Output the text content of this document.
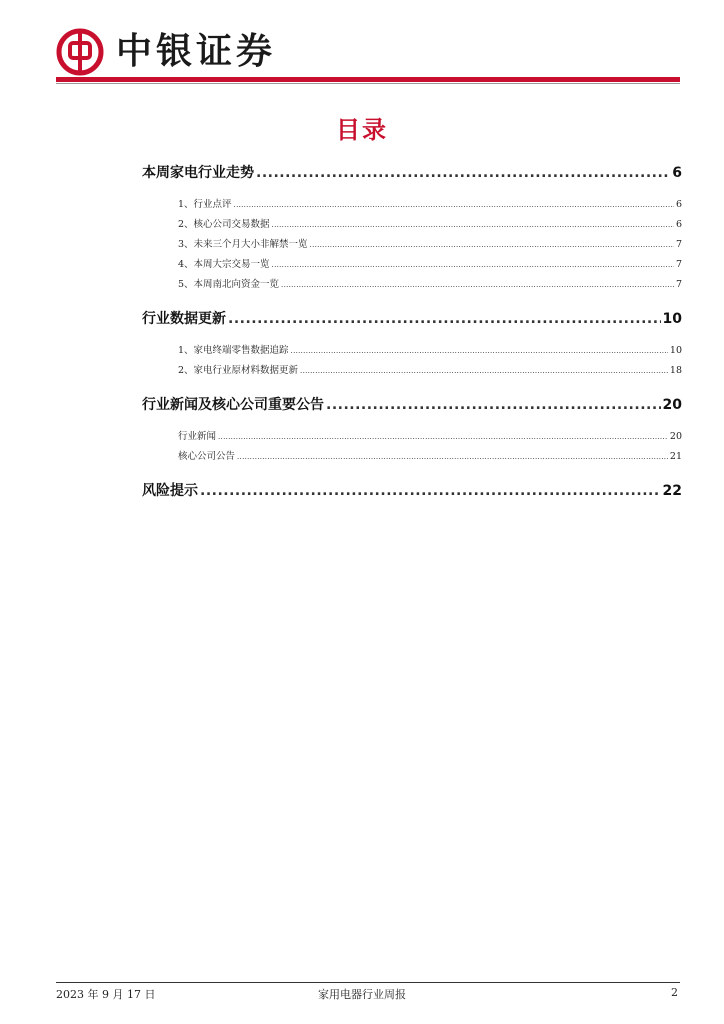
中银证券
目录
本周家电行业走势 .....	6
1、行业点评 .....	6
2、核心公司交易数据 .....	6
3、未来三个月大小非解禁一览 .....	7
4、本周大宗交易一览 .....	7
5、本周南北向资金一览 .....	7
行业数据更新 .....	10
1、家电终端零售数据追踪 .....	10
2、家电行业原材料数据更新 .....	18
行业新闻及核心公司重要公告 .....	20
行业新闻 .....	20
核心公司公告 .....	21
风险提示 .....	22
2023 年 9 月 17 日	家用电器行业周报	2
